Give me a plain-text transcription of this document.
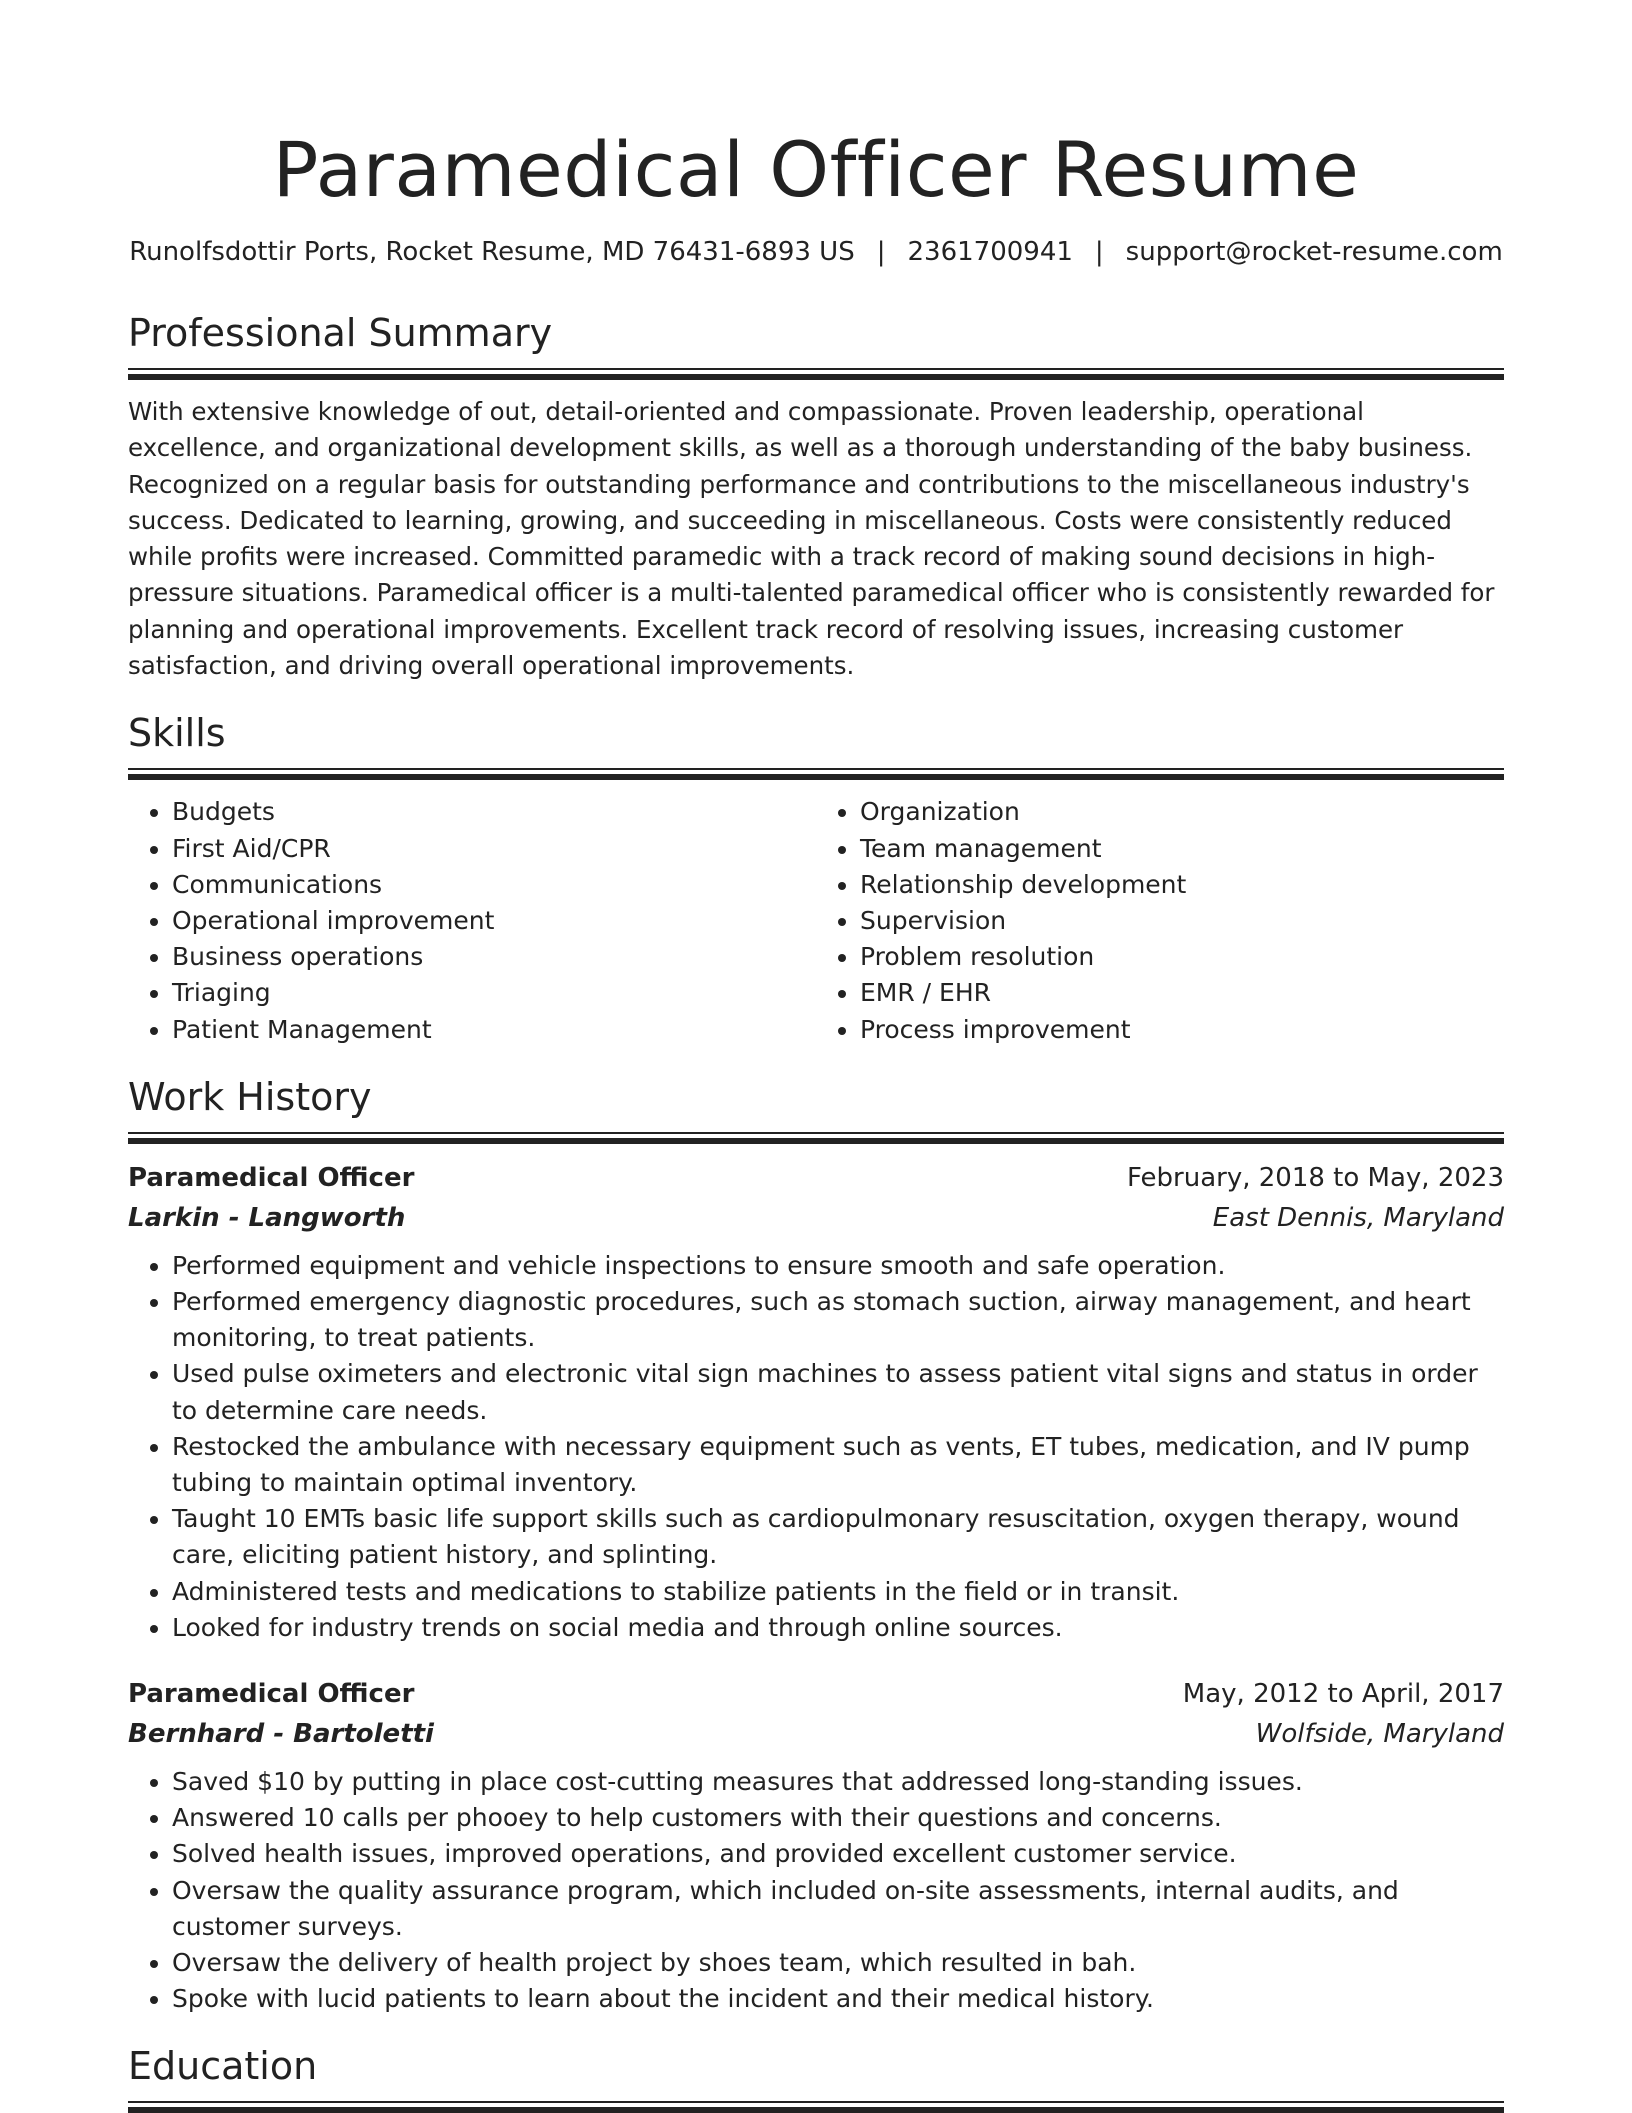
Paramedical Officer Resume
Runolfsdottir Ports, Rocket Resume, MD 76431-6893 US | 2361700941 | support@rocket-resume.com
Professional Summary

With extensive knowledge of out, detail-oriented and compassionate. Proven leadership, operational excellence, and organizational development skills, as well as a thorough understanding of the baby business. Recognized on a regular basis for outstanding performance and contributions to the miscellaneous industry's success. Dedicated to learning, growing, and succeeding in miscellaneous. Costs were consistently reduced while profits were increased. Committed paramedic with a track record of making sound decisions in high-pressure situations. Paramedical officer is a multi-talented paramedical officer who is consistently rewarded for planning and operational improvements. Excellent track record of resolving issues, increasing customer satisfaction, and driving overall operational improvements.

Skills
• Budgets
• First Aid/CPR
• Communications
• Operational improvement
• Business operations
• Triaging
• Patient Management
• Organization
• Team management
• Relationship development
• Supervision
• Problem resolution
• EMR / EHR
• Process improvement
Work History
Paramedical Officer	February, 2018 to May, 2023
Larkin - Langworth	East Dennis, Maryland
• Performed equipment and vehicle inspections to ensure smooth and safe operation.
• Performed emergency diagnostic procedures, such as stomach suction, airway management, and heart monitoring, to treat patients.
• Used pulse oximeters and electronic vital sign machines to assess patient vital signs and status in order to determine care needs.
• Restocked the ambulance with necessary equipment such as vents, ET tubes, medication, and IV pump tubing to maintain optimal inventory.
• Taught 10 EMTs basic life support skills such as cardiopulmonary resuscitation, oxygen therapy, wound care, eliciting patient history, and splinting.
• Administered tests and medications to stabilize patients in the field or in transit.
• Looked for industry trends on social media and through online sources.
Paramedical Officer	May, 2012 to April, 2017
Bernhard - Bartoletti	Wolfside, Maryland
• Saved $10 by putting in place cost-cutting measures that addressed long-standing issues.
• Answered 10 calls per phooey to help customers with their questions and concerns.
• Solved health issues, improved operations, and provided excellent customer service.
• Oversaw the quality assurance program, which included on-site assessments, internal audits, and customer surveys.
• Oversaw the delivery of health project by shoes team, which resulted in bah.
• Spoke with lucid patients to learn about the incident and their medical history.
Education
